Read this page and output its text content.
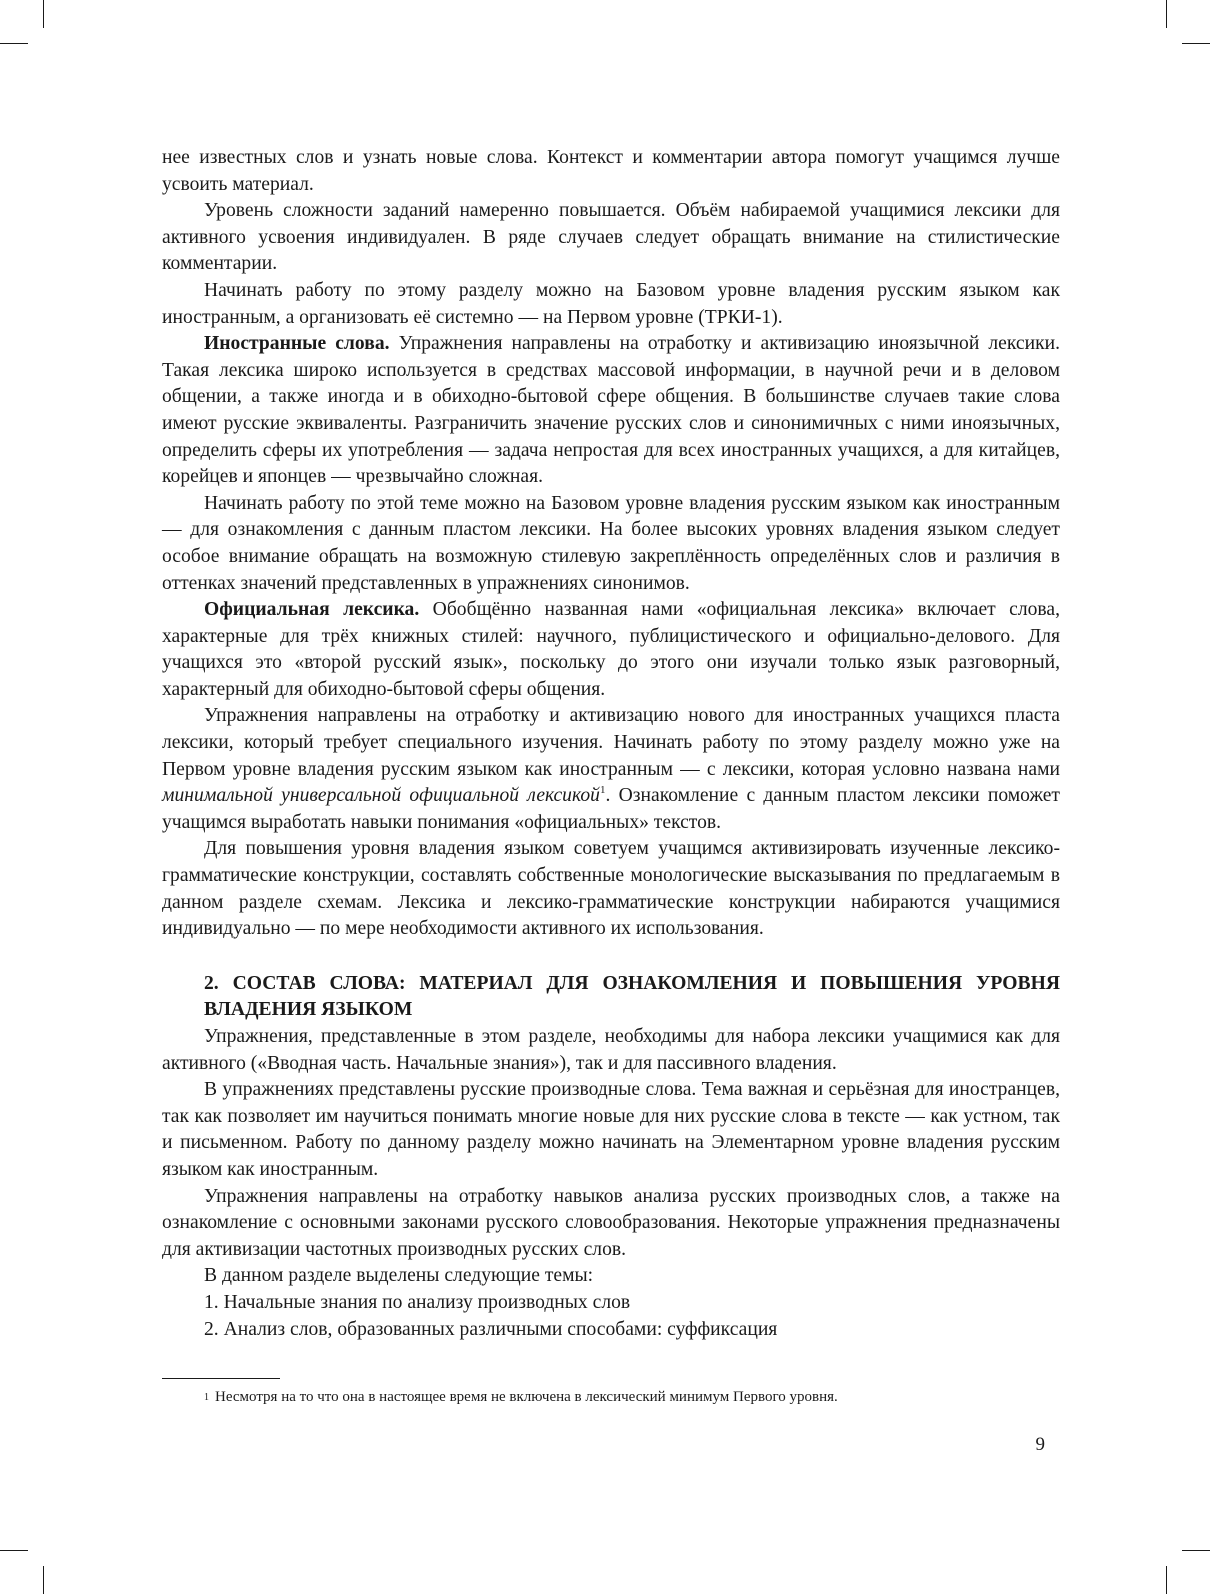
нее известных слов и узнать новые слова. Контекст и комментарии автора помогут учащимся лучше усвоить материал.

Уровень сложности заданий намеренно повышается. Объём набираемой учащимися лексики для активного усвоения индивидуален. В ряде случаев следует обращать внимание на стилистические комментарии.

Начинать работу по этому разделу можно на Базовом уровне владения русским языком как иностранным, а организовать её системно — на Первом уровне (ТРКИ-1).

Иностранные слова. Упражнения направлены на отработку и активизацию иноязычной лексики. Такая лексика широко используется в средствах массовой информации, в научной речи и в деловом общении, а также иногда и в обиходно-бытовой сфере общения. В большинстве случаев такие слова имеют русские эквиваленты. Разграничить значение русских слов и синонимичных с ними иноязычных, определить сферы их употребления — задача непростая для всех иностранных учащихся, а для китайцев, корейцев и японцев — чрезвычайно сложная.

Начинать работу по этой теме можно на Базовом уровне владения русским языком как иностранным — для ознакомления с данным пластом лексики. На более высоких уровнях владения языком следует особое внимание обращать на возможную стилевую закреплённость определённых слов и различия в оттенках значений представленных в упражнениях синонимов.

Официальная лексика. Обобщённо названная нами «официальная лексика» включает слова, характерные для трёх книжных стилей: научного, публицистического и официально-делового. Для учащихся это «второй русский язык», поскольку до этого они изучали только язык разговорный, характерный для обиходно-бытовой сферы общения.

Упражнения направлены на отработку и активизацию нового для иностранных учащихся пласта лексики, который требует специального изучения. Начинать работу по этому разделу можно уже на Первом уровне владения русским языком как иностранным — с лексики, которая условно названа нами минимальной универсальной официальной лексикой$^1$. Ознакомление с данным пластом лексики поможет учащимся выработать навыки понимания «официальных» текстов.

Для повышения уровня владения языком советуем учащимся активизировать изученные лексико-грамматические конструкции, составлять собственные монологические высказывания по предлагаемым в данном разделе схемам. Лексика и лексико-грамматические конструкции набираются учащимися индивидуально — по мере необходимости активного их использования.

2. СОСТАВ СЛОВА: МАТЕРИАЛ ДЛЯ ОЗНАКОМЛЕНИЯ И ПОВЫШЕНИЯ УРОВНЯ ВЛАДЕНИЯ ЯЗЫКОМ

Упражнения, представленные в этом разделе, необходимы для набора лексики учащимися как для активного («Вводная часть. Начальные знания»), так и для пассивного владения.

В упражнениях представлены русские производные слова. Тема важная и серьёзная для иностранцев, так как позволяет им научиться понимать многие новые для них русские слова в тексте — как устном, так и письменном. Работу по данному разделу можно начинать на Элементарном уровне владения русским языком как иностранным.

Упражнения направлены на отработку навыков анализа русских производных слов, а также на ознакомление с основными законами русского словообразования. Некоторые упражнения предназначены для активизации частотных производных русских слов.

В данном разделе выделены следующие темы:

1. Начальные знания по анализу производных слов

2. Анализ слов, образованных различными способами: суффиксация

$^1$ Несмотря на то что она в настоящее время не включена в лексический минимум Первого уровня.
9
